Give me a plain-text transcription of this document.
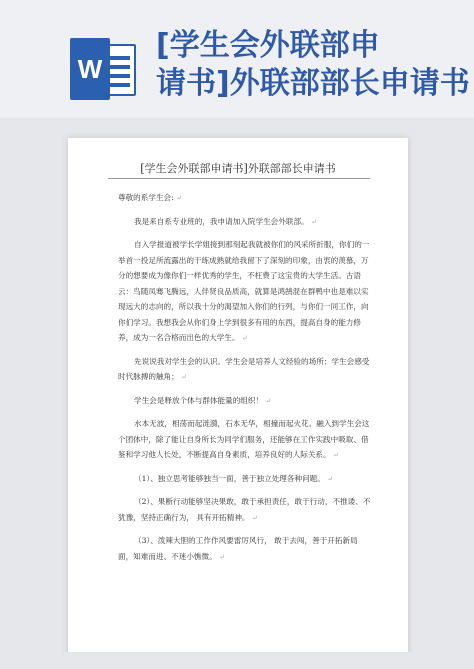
W
[学生会外联部申
请书]外联部部长申请书
[学生会外联部申请书]外联部部长申请书

尊敬的系学生会: ↵

我是来自系专业班的，我申请加入院学生会外联部。 ↵

自入学报道被学长学姐接到那刻起我就被你们的风采所折服，你们的一举首一投足所流露出的干练成熟就给我留下了深刻的印象，由衷的羡慕，万分的想要成为像你们一样优秀的学生，不枉费了这宝贵的大学生活。古语云：鸟随凤骞飞腾远，人伴贤良品质高，就算是鸿鹄混在群鸭中也是难以实现远大的志向的，所以我十分的渴望加入你们的行列，与你们一同工作，向你们学习。我想我会从你们身上学到很多有用的东西，提高自身的能力修养，成为一名合格而出色的大学生。 ↵

先说说我对学生会的认识。学生会是培养人文经验的场所；学生会感受时代脉搏的触角； ↵

学生会是释放个体与群体能量的组织！ ↵

水本无波，相荡而起涟漪，石本无华，相撞而起火花。融入到学生会这个团体中，除了能让自身所长为同学们服务，还能够在工作实践中吸取、借鉴和学习他人长处，不断提高自身素质，培养良好的人际关系。 ↵

（1）、独立思考能够独当一面，善于独立处理各种问题。 ↵

（2）、果断行动能够坚决果敢，敢于承担责任，敢于行动，不推诿、不犹豫，坚持正确行为， 具有开拓精神。 ↵

（3）、泼辣大胆的工作作风要雷厉风行， 敢于去闯，善于开拓新局面，知难而进、不迷小憔微。 ↵
